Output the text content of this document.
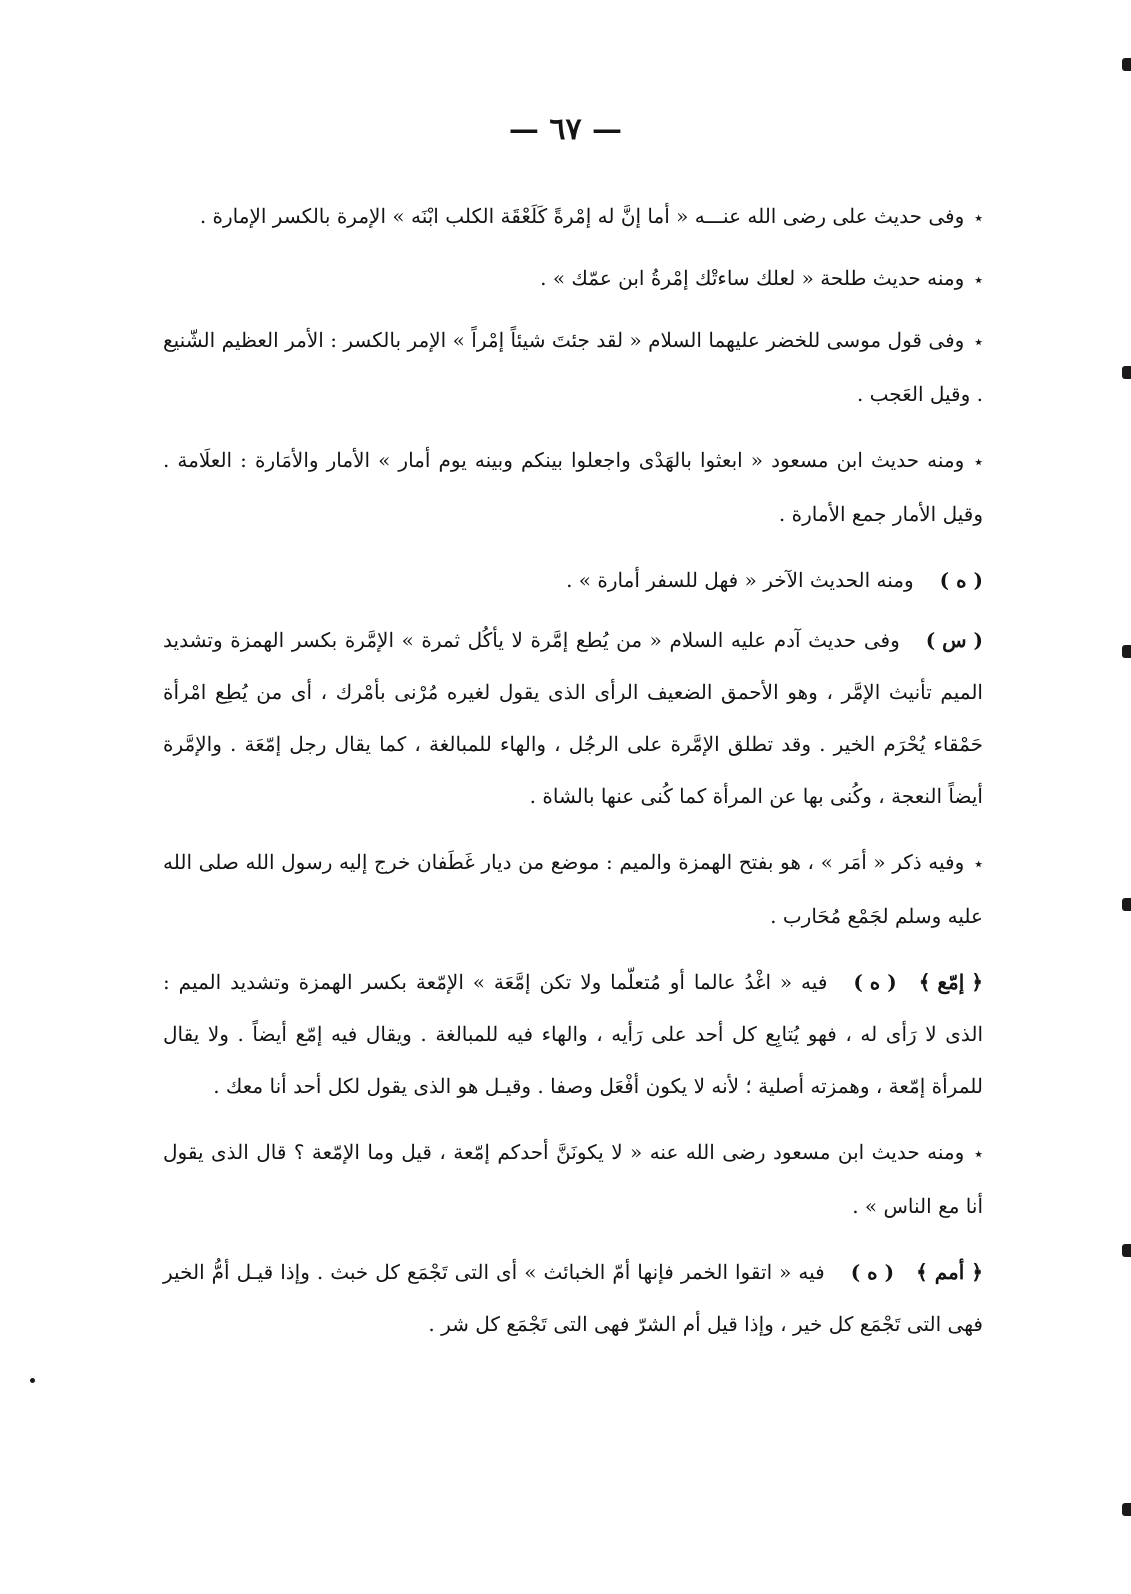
— ٦٧ —

٭وفى حديث على رضى الله عنـــه « أما إنَّ له إمْرةً كَلَعْقَة الكلب ابْنَه » الإمرة بالكسر الإمارة .

٭ومنه حديث طلحة « لعلك ساءتْك إمْرةُ ابن عمّك » .

٭وفى قول موسى للخضر عليهما السلام « لقد جئتَ شيئاً إمْراً » الإمر بالكسر : الأمر العظيم الشّنيع . وقيل العَجب .

٭ومنه حديث ابن مسعود « ابعثوا بالهَدْى واجعلوا بينكم وبينه يوم أمار » الأمار والأمَارة : العلَامة . وقيل الأمار جمع الأمارة .

( ه )ومنه الحديث الآخر « فهل للسفر أمارة » .

( س )وفى حديث آدم عليه السلام « من يُطع إمَّرة لا يأكُل ثمرة » الإمَّرة بكسر الهمزة وتشديد الميم تأنيث الإمَّر ، وهو الأحمق الضعيف الرأى الذى يقول لغيره مُرْنى بأمْرك ، أى من يُطِع امْرأة حَمْقاء يُحْرَم الخير . وقد تطلق الإمَّرة على الرجُل ، والهاء للمبالغة ، كما يقال رجل إمّعَة . والإمَّرة أيضاً النعجة ، وكُنى بها عن المرأة كما كُنى عنها بالشاة .

٭وفيه ذكر « أمَر » ، هو بفتح الهمزة والميم : موضع من ديار غَطَفان خرج إليه رسول الله صلى الله عليه وسلم لجَمْع مُحَارب .

﴿ إمّع ﴾( ه )فيه « اغْدُ عالما أو مُتعلّما ولا تكن إمَّعَة » الإمّعة بكسر الهمزة وتشديد الميم : الذى لا رَأى له ، فهو يُتابِع كل أحد على رَأيه ، والهاء فيه للمبالغة . ويقال فيه إمّع أيضاً . ولا يقال للمرأة إمّعة ، وهمزته أصلية ؛ لأنه لا يكون أفْعَل وصفا . وقيـل هو الذى يقول لكل أحد أنا معك .

٭ومنه حديث ابن مسعود رضى الله عنه « لا يكونَنَّ أحدكم إمّعة ، قيل وما الإمّعة ؟ قال الذى يقول أنا مع الناس » .

﴿ أمم ﴾( ه )فيه « اتقوا الخمر فإنها أمّ الخبائث » أى التى تَجْمَع كل خبث . وإذا قيـل أمُّ الخير فهى التى تَجْمَع كل خير ، وإذا قيل أم الشرّ فهى التى تَجْمَع كل شر .
